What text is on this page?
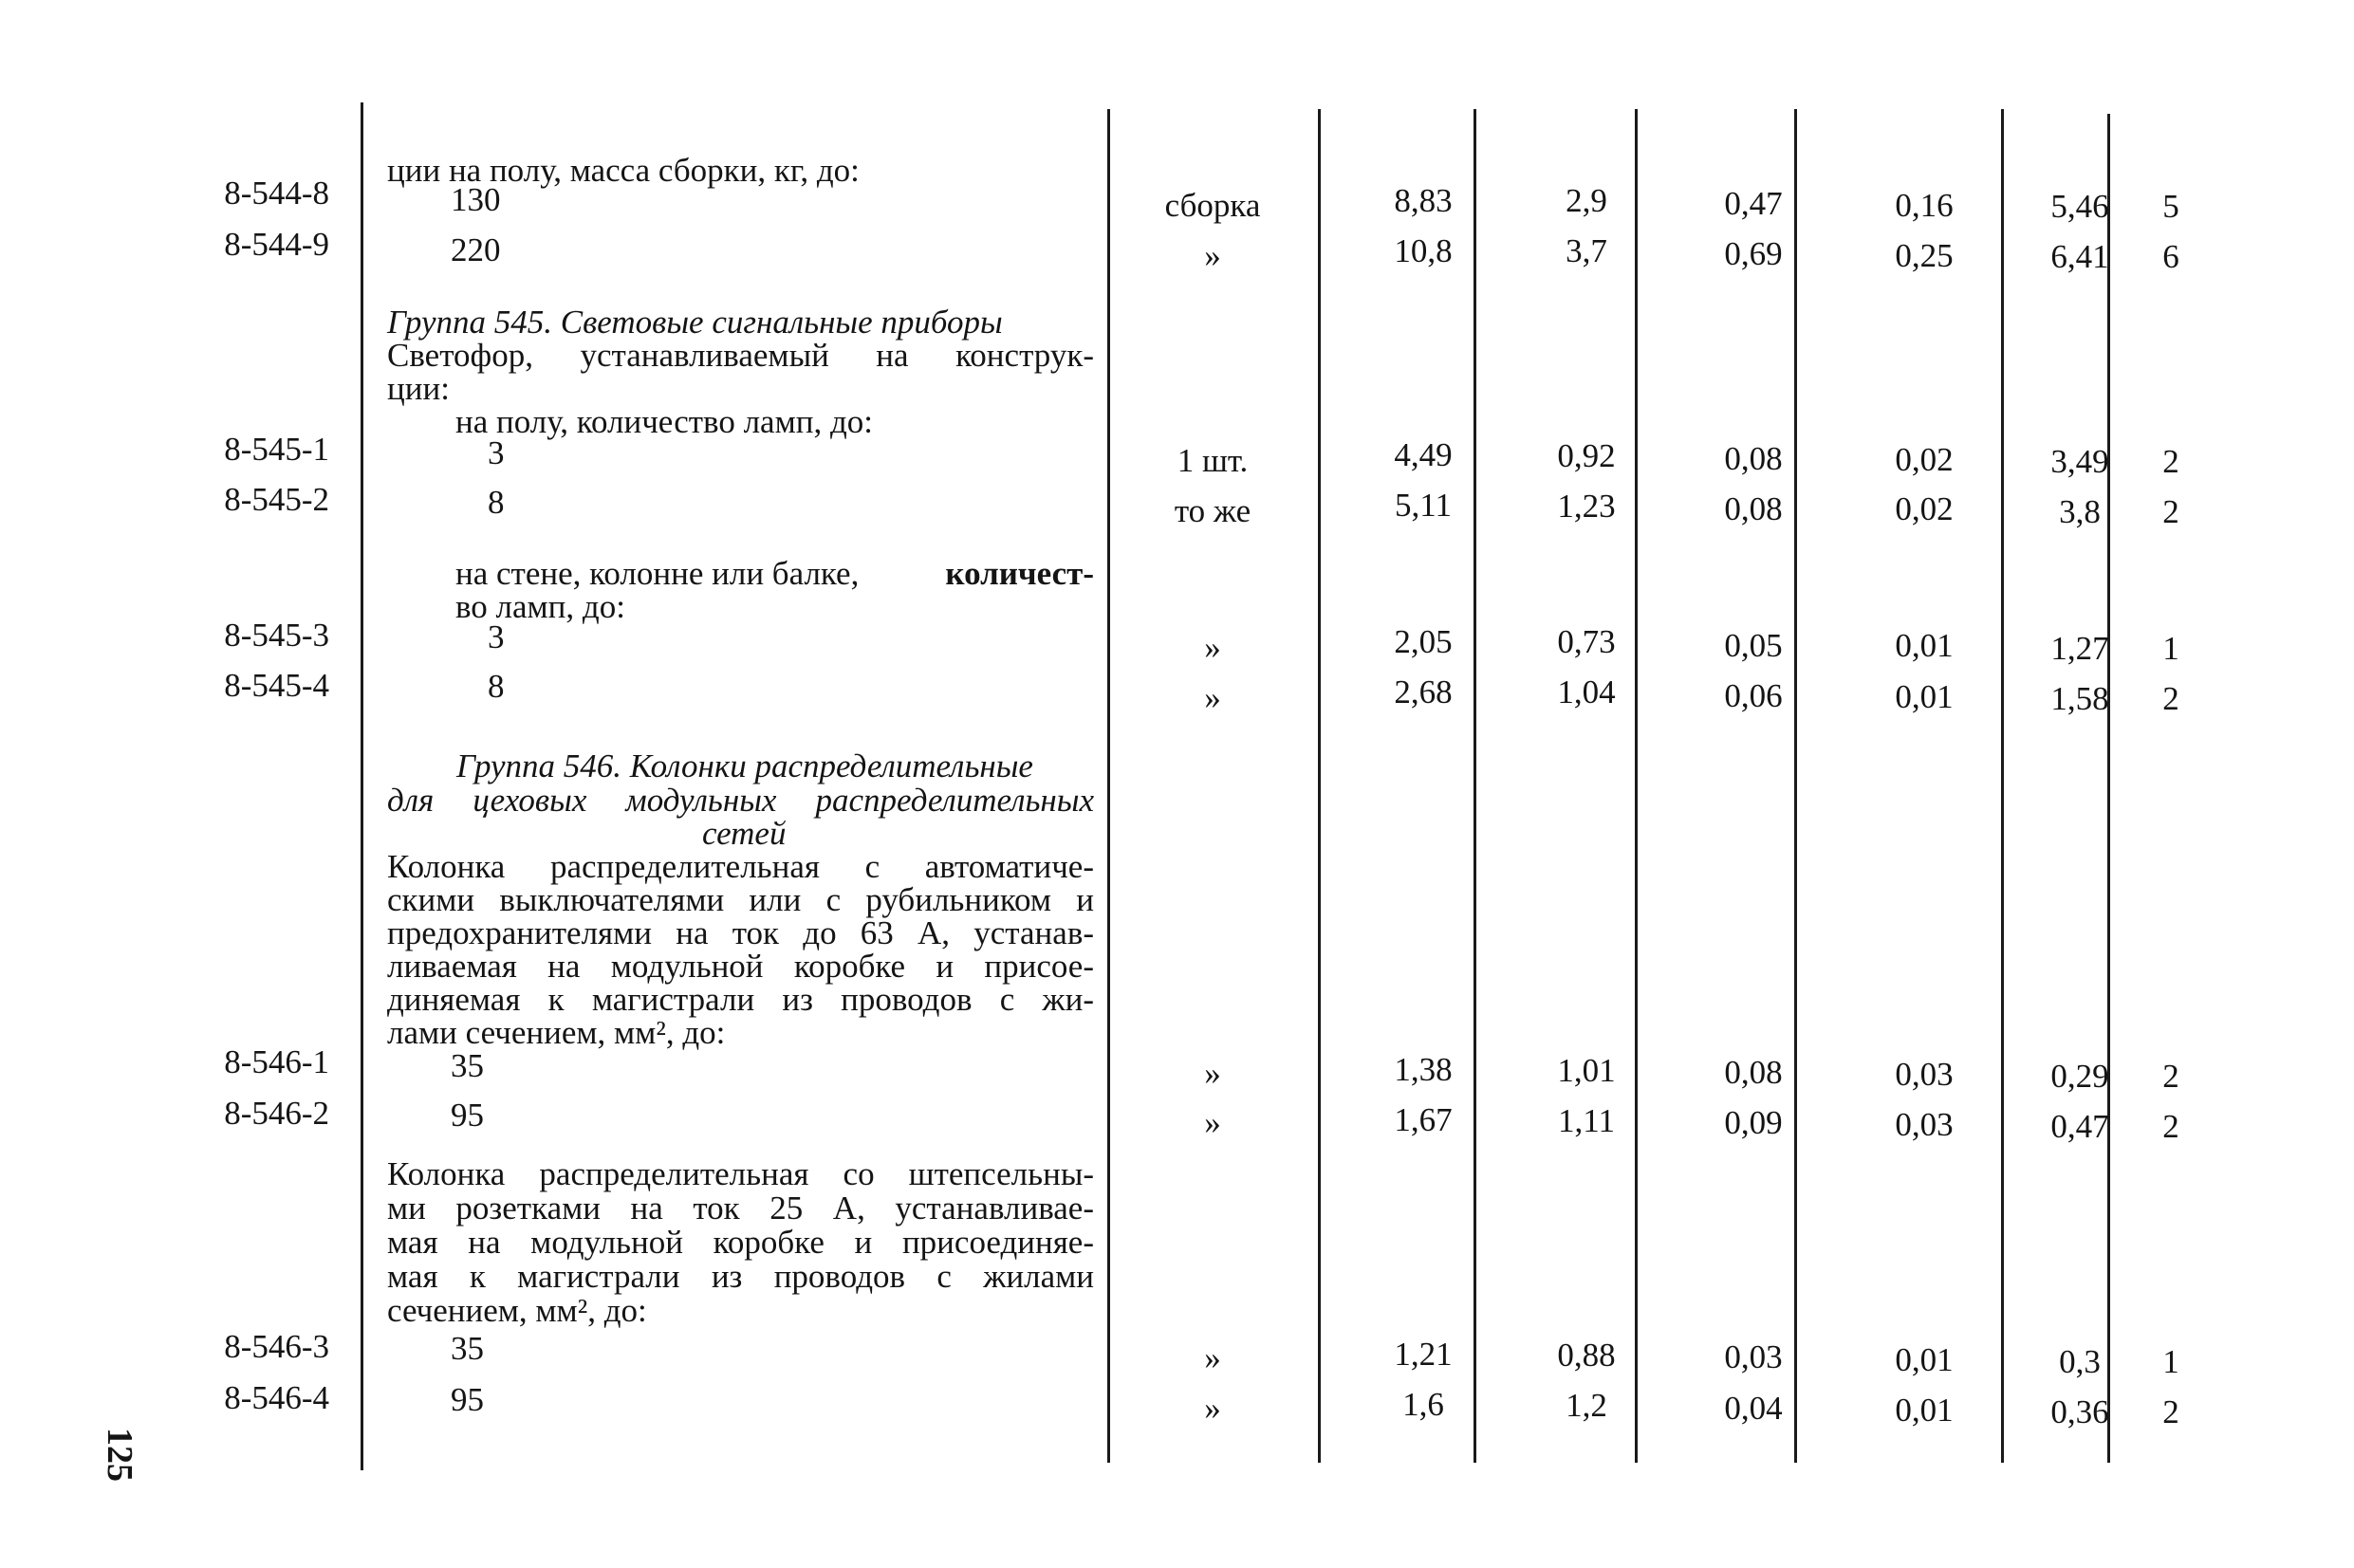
ции на полу, масса сборки, кг, до:
8-544-8	130	сборка	8,83	2,9	0,47	0,16	5,46	5
8-544-9	220	»	10,8	3,7	0,69	0,25	6,41	6
Группа 545. Световые сигнальные приборы
Светофор, устанавливаемый на конструк-
ции:
на полу, количество ламп, до:
8-545-1	3	1 шт.	4,49	0,92	0,08	0,02	3,49	2
8-545-2	8	то же	5,11	1,23	0,08	0,02	3,8	2
на стене, колонне или балке,	количест-
во ламп, до:
8-545-3	3	»	2,05	0,73	0,05	0,01	1,27	1
8-545-4	8	»	2,68	1,04	0,06	0,01	1,58	2
Группа 546. Колонки распределительные
для цеховых модульных распределительных
сетей
Колонка распределительная с автоматиче-
скими выключателями или с рубильником и
предохранителями на ток до 63 А, устанав-
ливаемая на модульной коробке и присое-
диняемая к магистрали из проводов с жи-
лами сечением, мм², до:
8-546-1	35	»	1,38	1,01	0,08	0,03	0,29	2
8-546-2	95	»	1,67	1,11	0,09	0,03	0,47	2
Колонка распределительная со штепсельны-
ми розетками на ток 25 А, устанавливае-
мая на модульной коробке и присоединяе-
мая к магистрали из проводов с жилами
сечением, мм², до:
8-546-3	35	»	1,21	0,88	0,03	0,01	0,3	1
8-546-4	95	»	1,6	1,2	0,04	0,01	0,36	2
125
